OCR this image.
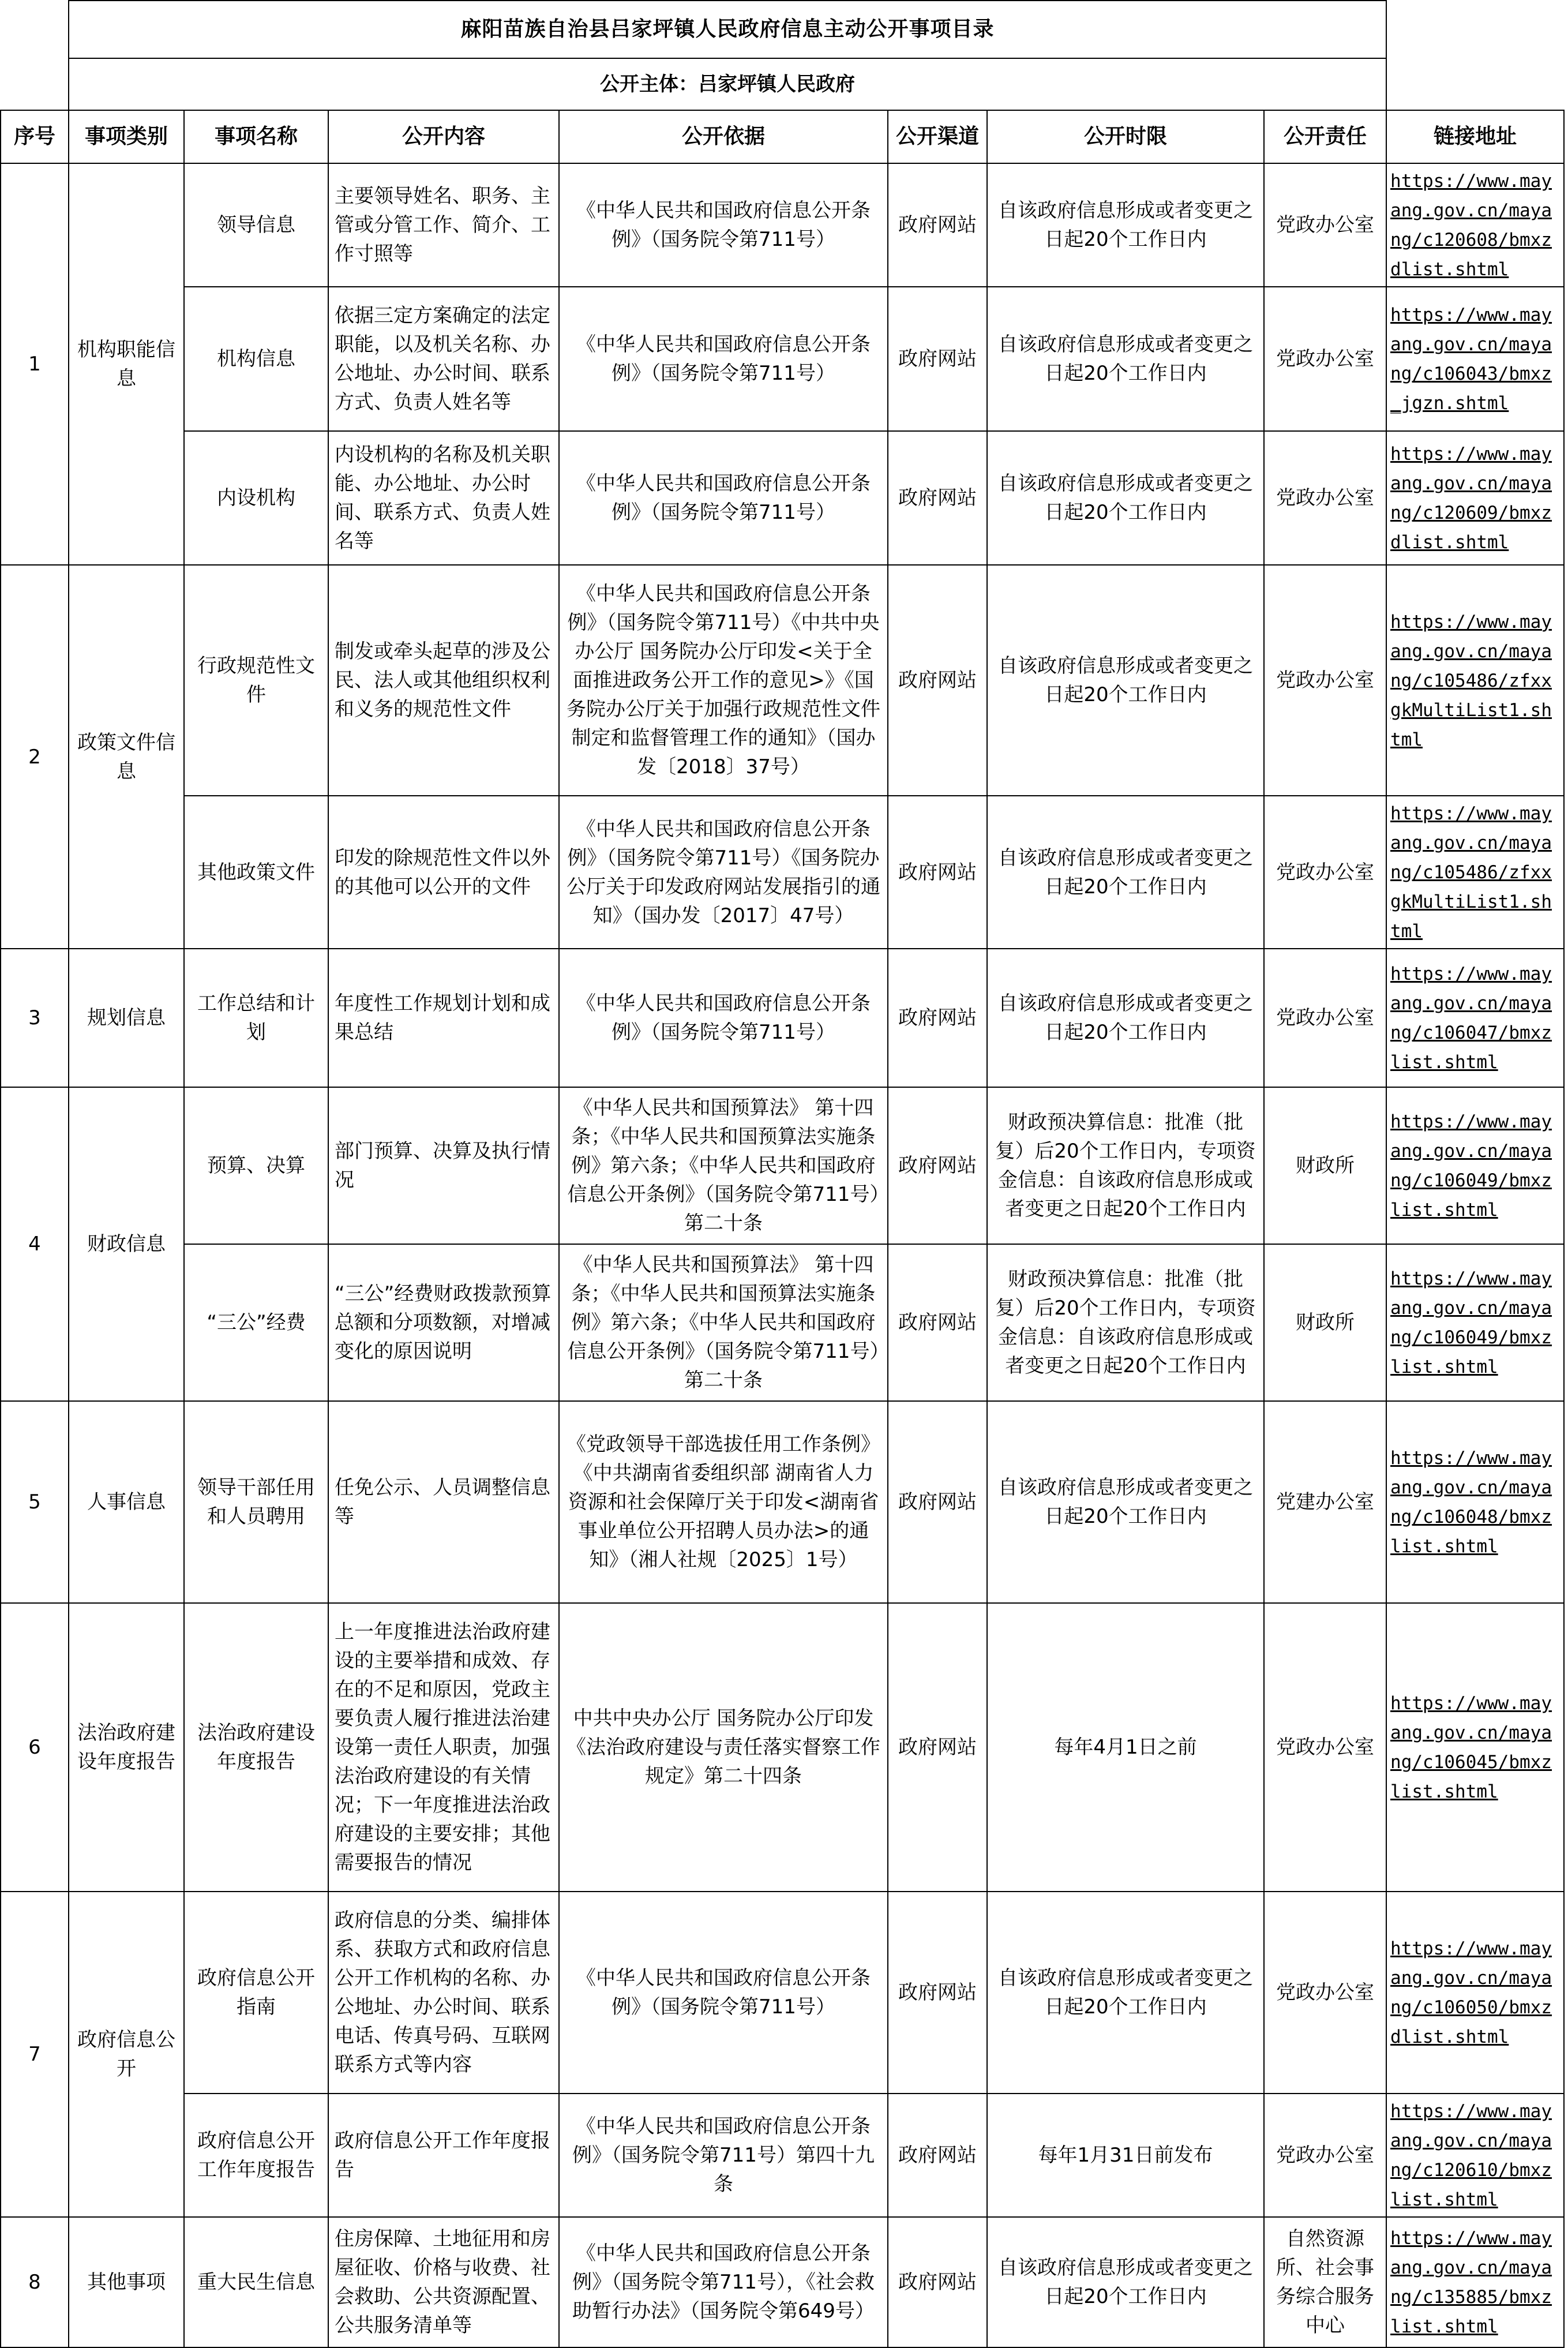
	麻阳苗族自治县吕家坪镇人民政府信息主动公开事项目录							
	公开主体：吕家坪镇人民政府							
序号	事项类别	事项名称	公开内容	公开依据	公开渠道	公开时限	公开责任	链接地址
1	机构职能信息	领导信息	主要领导姓名、职务、主管或分管工作、简介、工作寸照等	《中华人民共和国政府信息公开条例》（国务院令第711号）	政府网站	自该政府信息形成或者变更之日起20个工作日内	党政办公室	https://www.mayang.gov.cn/mayang/c120608/bmxzdlist.shtml
		机构信息	依据三定方案确定的法定职能，以及机关名称、办公地址、办公时间、联系方式、负责人姓名等	《中华人民共和国政府信息公开条例》（国务院令第711号）	政府网站	自该政府信息形成或者变更之日起20个工作日内	党政办公室	https://www.mayang.gov.cn/mayang/c106043/bmxz_jgzn.shtml
		内设机构	内设机构的名称及机关职能、办公地址、办公时间、联系方式、负责人姓名等	《中华人民共和国政府信息公开条例》（国务院令第711号）	政府网站	自该政府信息形成或者变更之日起20个工作日内	党政办公室	https://www.mayang.gov.cn/mayang/c120609/bmxzdlist.shtml
2	政策文件信息	行政规范性文件	制发或牵头起草的涉及公民、法人或其他组织权利和义务的规范性文件	《中华人民共和国政府信息公开条例》（国务院令第711号）《中共中央办公厅 国务院办公厅印发<关于全面推进政务公开工作的意见>》《国务院办公厅关于加强行政规范性文件制定和监督管理工作的通知》（国办发〔2018〕37号）	政府网站	自该政府信息形成或者变更之日起20个工作日内	党政办公室	https://www.mayang.gov.cn/mayang/c105486/zfxxgkMultiList1.shtml
		其他政策文件	印发的除规范性文件以外的其他可以公开的文件	《中华人民共和国政府信息公开条例》（国务院令第711号）《国务院办公厅关于印发政府网站发展指引的通知》（国办发〔2017〕47号）	政府网站	自该政府信息形成或者变更之日起20个工作日内	党政办公室	https://www.mayang.gov.cn/mayang/c105486/zfxxgkMultiList1.shtml
3	规划信息	工作总结和计划	年度性工作规划计划和成果总结	《中华人民共和国政府信息公开条例》（国务院令第711号）	政府网站	自该政府信息形成或者变更之日起20个工作日内	党政办公室	https://www.mayang.gov.cn/mayang/c106047/bmxzlist.shtml
4	财政信息	预算、决算	部门预算、决算及执行情况	《中华人民共和国预算法》 第十四条；《中华人民共和国预算法实施条例》第六条；《中华人民共和国政府信息公开条例》（国务院令第711号）第二十条	政府网站	财政预决算信息：批准（批复）后20个工作日内，专项资金信息：自该政府信息形成或者变更之日起20个工作日内	财政所	https://www.mayang.gov.cn/mayang/c106049/bmxzlist.shtml
		“三公”经费	“三公”经费财政拨款预算总额和分项数额，对增减变化的原因说明	《中华人民共和国预算法》 第十四条；《中华人民共和国预算法实施条例》第六条；《中华人民共和国政府信息公开条例》（国务院令第711号）第二十条	政府网站	财政预决算信息：批准（批复）后20个工作日内，专项资金信息：自该政府信息形成或者变更之日起20个工作日内	财政所	https://www.mayang.gov.cn/mayang/c106049/bmxzlist.shtml
5	人事信息	领导干部任用和人员聘用	任免公示、人员调整信息等	《党政领导干部选拔任用工作条例》《中共湖南省委组织部 湖南省人力资源和社会保障厅关于印发<湖南省事业单位公开招聘人员办法>的通知》（湘人社规〔2025〕1号）	政府网站	自该政府信息形成或者变更之日起20个工作日内	党建办公室	https://www.mayang.gov.cn/mayang/c106048/bmxzlist.shtml
6	法治政府建设年度报告	法治政府建设年度报告	上一年度推进法治政府建设的主要举措和成效、存在的不足和原因，党政主要负责人履行推进法治建设第一责任人职责，加强法治政府建设的有关情况；下一年度推进法治政府建设的主要安排；其他需要报告的情况	中共中央办公厅 国务院办公厅印发《法治政府建设与责任落实督察工作规定》第二十四条	政府网站	每年4月1日之前	党政办公室	https://www.mayang.gov.cn/mayang/c106045/bmxzlist.shtml
7	政府信息公开	政府信息公开指南	政府信息的分类、编排体系、获取方式和政府信息公开工作机构的名称、办公地址、办公时间、联系电话、传真号码、互联网联系方式等内容	《中华人民共和国政府信息公开条例》（国务院令第711号）	政府网站	自该政府信息形成或者变更之日起20个工作日内	党政办公室	https://www.mayang.gov.cn/mayang/c106050/bmxzdlist.shtml
		政府信息公开工作年度报告	政府信息公开工作年度报告	《中华人民共和国政府信息公开条例》（国务院令第711号）第四十九条	政府网站	每年1月31日前发布	党政办公室	https://www.mayang.gov.cn/mayang/c120610/bmxzlist.shtml
8	其他事项	重大民生信息	住房保障、土地征用和房屋征收、价格与收费、社会救助、公共资源配置、公共服务清单等	《中华人民共和国政府信息公开条例》（国务院令第711号），《社会救助暂行办法》（国务院令第649号）	政府网站	自该政府信息形成或者变更之日起20个工作日内	自然资源所、社会事务综合服务中心	https://www.mayang.gov.cn/mayang/c135885/bmxzlist.shtml
